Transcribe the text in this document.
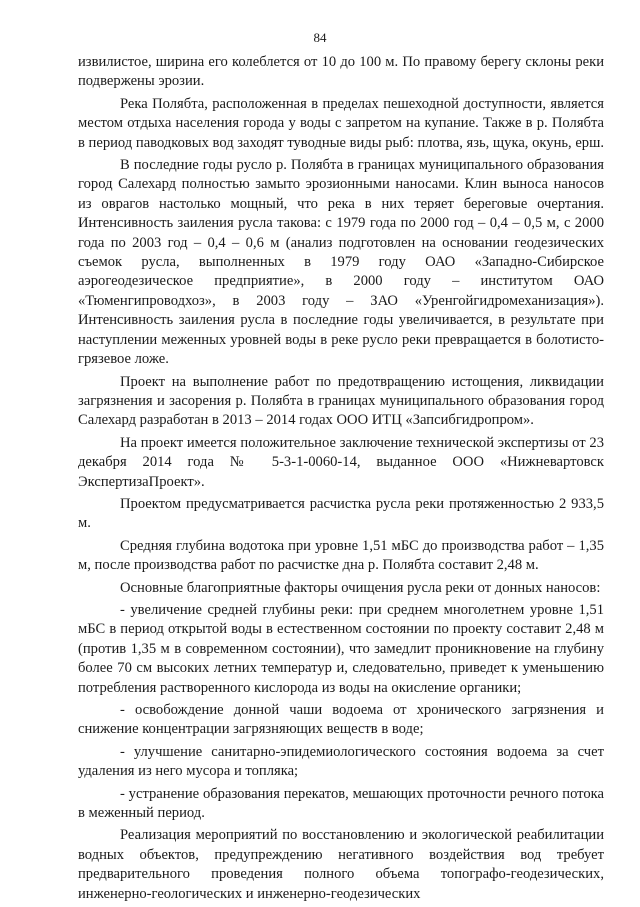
84

извилистое, ширина его колеблется от 10 до 100 м. По правому берегу склоны реки подвержены эрозии.

Река Полябта, расположенная в пределах пешеходной доступности, является местом отдыха населения города у воды с запретом на купание. Также в р. Полябта в период паводковых вод заходят туводные виды рыб: плотва, язь, щука, окунь, ерш.

В последние годы русло р. Полябта в границах муниципального образования город Салехард полностью замыто эрозионными наносами. Клин выноса наносов из оврагов настолько мощный, что река в них теряет береговые очертания. Интенсивность заиления русла такова: с 1979 года по 2000 год – 0,4 – 0,5 м, с 2000 года по 2003 год – 0,4 – 0,6 м (анализ подготовлен на основании геодезических съемок русла, выполненных в 1979 году ОАО «Западно-Сибирское аэрогеодезическое предприятие», в 2000 году – институтом ОАО «Тюменгипроводхоз», в 2003 году – ЗАО «Уренгойгидромеханизация»). Интенсивность заиления русла в последние годы увеличивается, в результате при наступлении меженных уровней воды в реке русло реки превращается в болотисто-грязевое ложе.

Проект на выполнение работ по предотвращению истощения, ликвидации загрязнения и засорения р. Полябта в границах муниципального образования город Салехард разработан в 2013 – 2014 годах ООО ИТЦ «Запсибгидропром».

На проект имеется положительное заключение технической экспертизы от 23 декабря 2014 года № 5-3-1-0060-14, выданное ООО «Нижневартовск ЭкспертизаПроект».

Проектом предусматривается расчистка русла реки протяженностью 2 933,5 м.

Средняя глубина водотока при уровне 1,51 мБС до производства работ – 1,35 м, после производства работ по расчистке дна р. Полябта составит 2,48 м.

Основные благоприятные факторы очищения русла реки от донных наносов:

- увеличение средней глубины реки: при среднем многолетнем уровне 1,51 мБС в период открытой воды в естественном состоянии по проекту составит 2,48 м (против 1,35 м в современном состоянии), что замедлит проникновение на глубину более 70 см высоких летних температур и, следовательно, приведет к уменьшению потребления растворенного кислорода из воды на окисление органики;

- освобождение донной чаши водоема от хронического загрязнения и снижение концентрации загрязняющих веществ в воде;

- улучшение санитарно-эпидемиологического состояния водоема за счет удаления из него мусора и топляка;

- устранение образования перекатов, мешающих проточности речного потока в меженный период.

Реализация мероприятий по восстановлению и экологической реабилитации водных объектов, предупреждению негативного воздействия вод требует предварительного проведения полного объема топографо-геодезических, инженерно-геологических и инженерно-геодезических
